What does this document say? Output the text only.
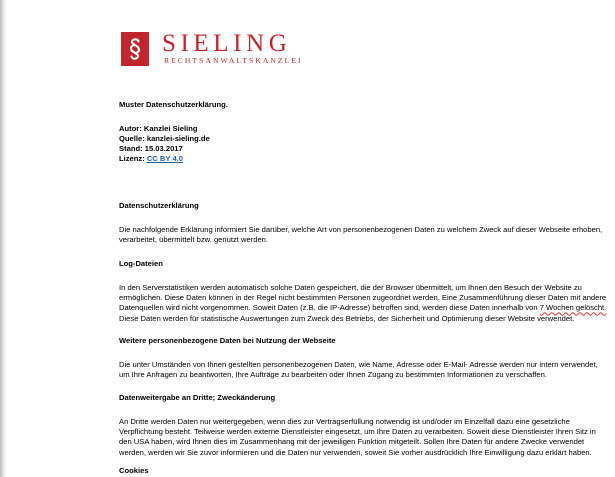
SIELING
RECHTSANWALTSKANZLEI
Muster Datenschutzerklärung.
Autor: Kanzlei Sieling
Quelle: kanzlei-sieling.de
Stand: 15.03.2017
Lizenz: CC BY 4.0
Datenschutzerklärung
Die nachfolgende Erklärung informiert Sie darüber, welche Art von personenbezogenen Daten zu welchem Zweck auf dieser Webseite erhoben,
verarbeitet, übermittelt bzw. genutzt werden.
Log-Dateien
In den Serverstatistiken werden automatisch solche Daten gespeichert, die der Browser übermittelt, um Ihnen den Besuch der Website zu
ermöglichen. Diese Daten können in der Regel nicht bestimmten Personen zugeordnet werden. Eine Zusammenführung dieser Daten mit andere
Datenquellen wird nicht vorgenommen. Soweit Daten (z.B. die IP-Adresse) betroffen sind, werden diese Daten innerhalb von 7 Wochen gelöscht.
Diese Daten werden für statistische Auswertungen zum Zweck des Betriebs, der Sicherheit und Optimierung dieser Website verwendet.
Weitere personenbezogene Daten bei Nutzung der Webseite
Die unter Umständen von Ihnen gestellten personenbezogenen Daten, wie Name, Adresse oder E-Mail- Adresse werden nur intern verwendet,
um Ihre Anfragen zu beantworten, Ihre Aufträge zu bearbeiten oder Ihnen Zugang zu bestimmten Informationen zu verschaffen.
Datenweitergabe an Dritte; Zweckänderung
An Dritte werden Daten nur weitergegeben, wenn dies zur Vertragserfüllung notwendig ist und/oder im Einzelfall dazu eine gesetzliche
Verpflichtung besteht. Teilweise werden externe Dienstleister eingesetzt, um Ihre Daten zu verarbeiten. Soweit diese Dienstleister Ihren Sitz in
den USA haben, wird Ihnen dies im Zusammenhang mit der jeweiligen Funktion mitgeteilt. Sollen Ihre Daten für andere Zwecke verwendet
werden, werden wir Sie zuvor informieren und die Daten nur verwenden, soweit Sie vorher ausdrücklich Ihre Einwilligung dazu erklärt haben.
Cookies
